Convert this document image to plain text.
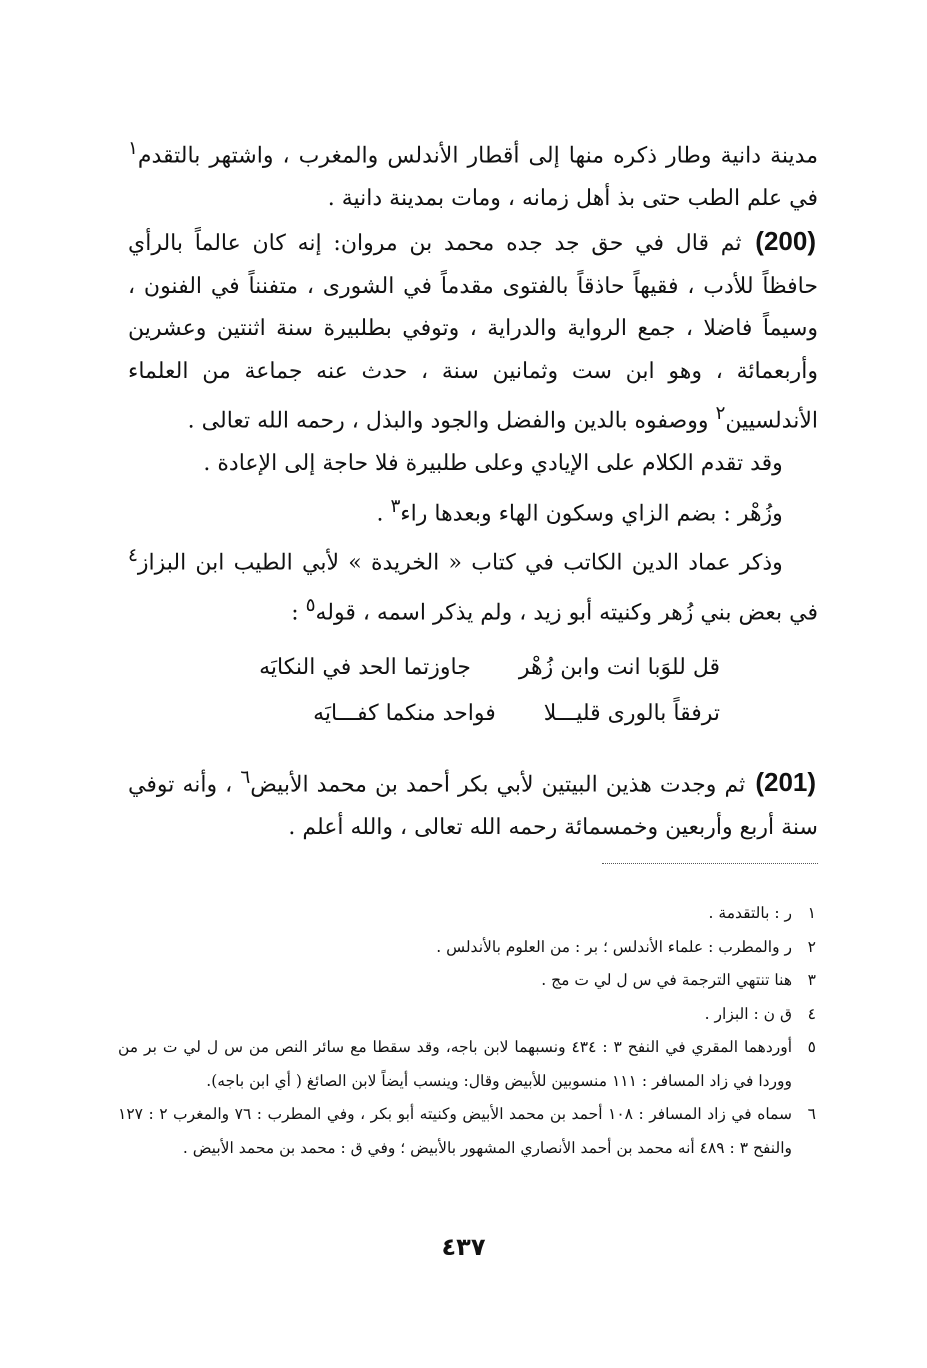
مدينة دانية وطار ذكره منها إلى أقطار الأندلس والمغرب ، واشتهر بالتقدم$^١$ في علم الطب حتى بذ أهل زمانه ، ومات بمدينة دانية .

(200) ثم قال في حق جد جده محمد بن مروان: إنه كان عالماً بالرأي حافظاً للأدب ، فقيهاً حاذقاً بالفتوى مقدماً في الشورى ، متفنناً في الفنون ، وسيماً فاضلا ، جمع الرواية والدراية ، وتوفي بطلبيرة سنة اثنتين وعشرين وأربعمائة ، وهو ابن ست وثمانين سنة ، حدث عنه جماعة من العلماء الأندلسيين$^٢$ ووصفوه بالدين والفضل والجود والبذل ، رحمه الله تعالى .

وقد تقدم الكلام على الإيادي وعلى طلبيرة فلا حاجة إلى الإعادة .

وزُهْر : بضم الزاي وسكون الهاء وبعدها راء$^٣$ .

وذكر عماد الدين الكاتب في كتاب « الخريدة » لأبي الطيب ابن البزاز$^٤$ في بعض بني زُهر وكنيته أبو زيد ، ولم يذكر اسمه ، قوله$^٥$ :

جاوزتما الحد في النكايَه قل للوَبا انت وابن زُهْر
فواحد منكما كفـــايَه ترفقاً بالورى قليـــلا

(201) ثم وجدت هذين البيتين لأبي بكر أحمد بن محمد الأبيض$^٦$ ، وأنه توفي سنة أربع وأربعين وخمسمائة رحمه الله تعالى ، والله أعلم .

١
ر : بالتقدمة .
٢
ر والمطرب : علماء الأندلس ؛ بر : من العلوم بالأندلس .
٣
هنا تنتهي الترجمة في س ل لي ت مج .
٤
ق ن : البزار .
٥
أوردهما المقري في النفح ٣ : ٤٣٤ ونسبهما لابن باجه، وقد سقطا مع سائر النص من س ل لي ت بر من ووردا في زاد المسافر : ١١١ منسوبين للأبيض وقال: وينسب أيضاً لابن الصائغ ( أي ابن باجه).
٦
سماه في زاد المسافر : ١٠٨ أحمد بن محمد الأبيض وكنيته أبو بكر ، وفي المطرب : ٧٦ والمغرب ٢ : ١٢٧ والنفح ٣ : ٤٨٩ أنه محمد بن أحمد الأنصاري المشهور بالأبيض ؛ وفي ق : محمد بن محمد الأبيض .
٤٣٧
